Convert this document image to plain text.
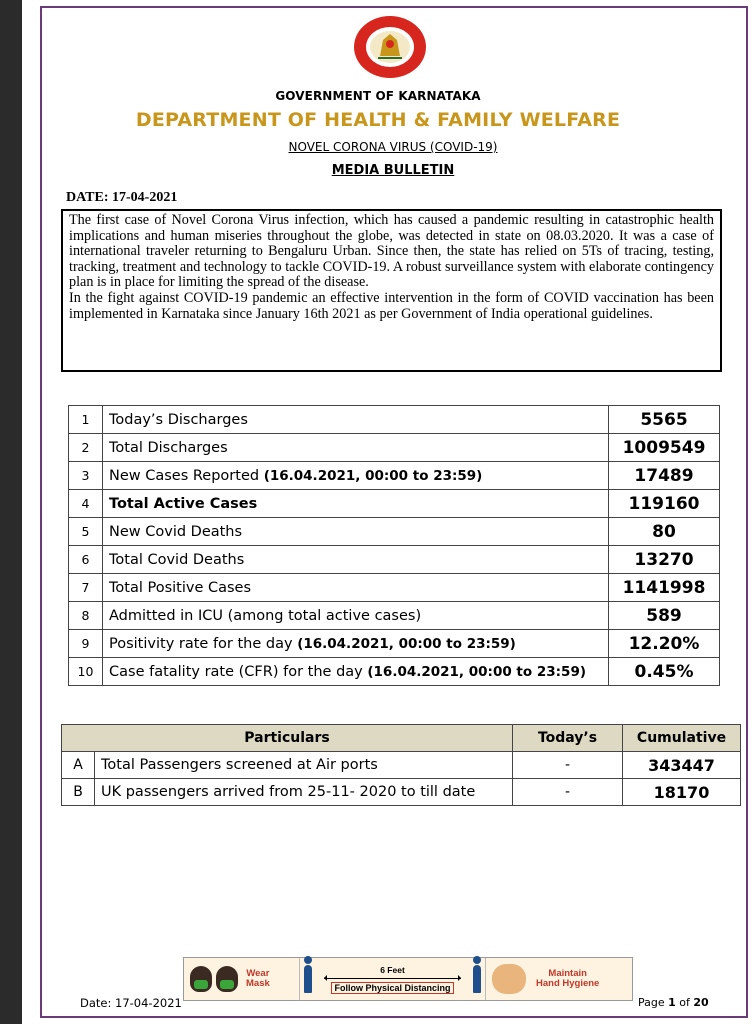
GOVERNMENT OF KARNATAKA
DEPARTMENT OF HEALTH & FAMILY WELFARE
NOVEL CORONA VIRUS (COVID-19)
MEDIA BULLETIN
DATE: 17-04-2021

The first case of Novel Corona Virus infection, which has caused a pandemic resulting in catastrophic health implications and human miseries throughout the globe, was detected in state on 08.03.2020. It was a case of international traveler returning to Bengaluru Urban. Since then, the state has relied on 5Ts of tracing, testing, tracking, treatment and technology to tackle COVID-19. A robust surveillance system with elaborate contingency plan is in place for limiting the spread of the disease.

In the fight against COVID-19 pandemic an effective intervention in the form of COVID vaccination has been implemented in Karnataka since January 16th 2021 as per Government of India operational guidelines.

1	Today’s Discharges	5565
2	Total Discharges	1009549
3	New Cases Reported (16.04.2021, 00:00 to 23:59)	17489
4	Total Active Cases	119160
5	New Covid Deaths	80
6	Total Covid Deaths	13270
7	Total Positive Cases	1141998
8	Admitted in ICU (among total active cases)	589
9	Positivity rate for the day (16.04.2021, 00:00 to 23:59)	12.20%
10	Case fatality rate (CFR) for the day (16.04.2021, 00:00 to 23:59)	0.45%
Particulars		Today’s	Cumulative
A	Total Passengers screened at Air ports	-	343447
B	UK passengers arrived from 25-11- 2020 to till date	-	18170
Wear
Mask
6 Feet
Follow Physical Distancing
Maintain
Hand Hygiene
Date: 17-04-2021	Page 1 of 20
